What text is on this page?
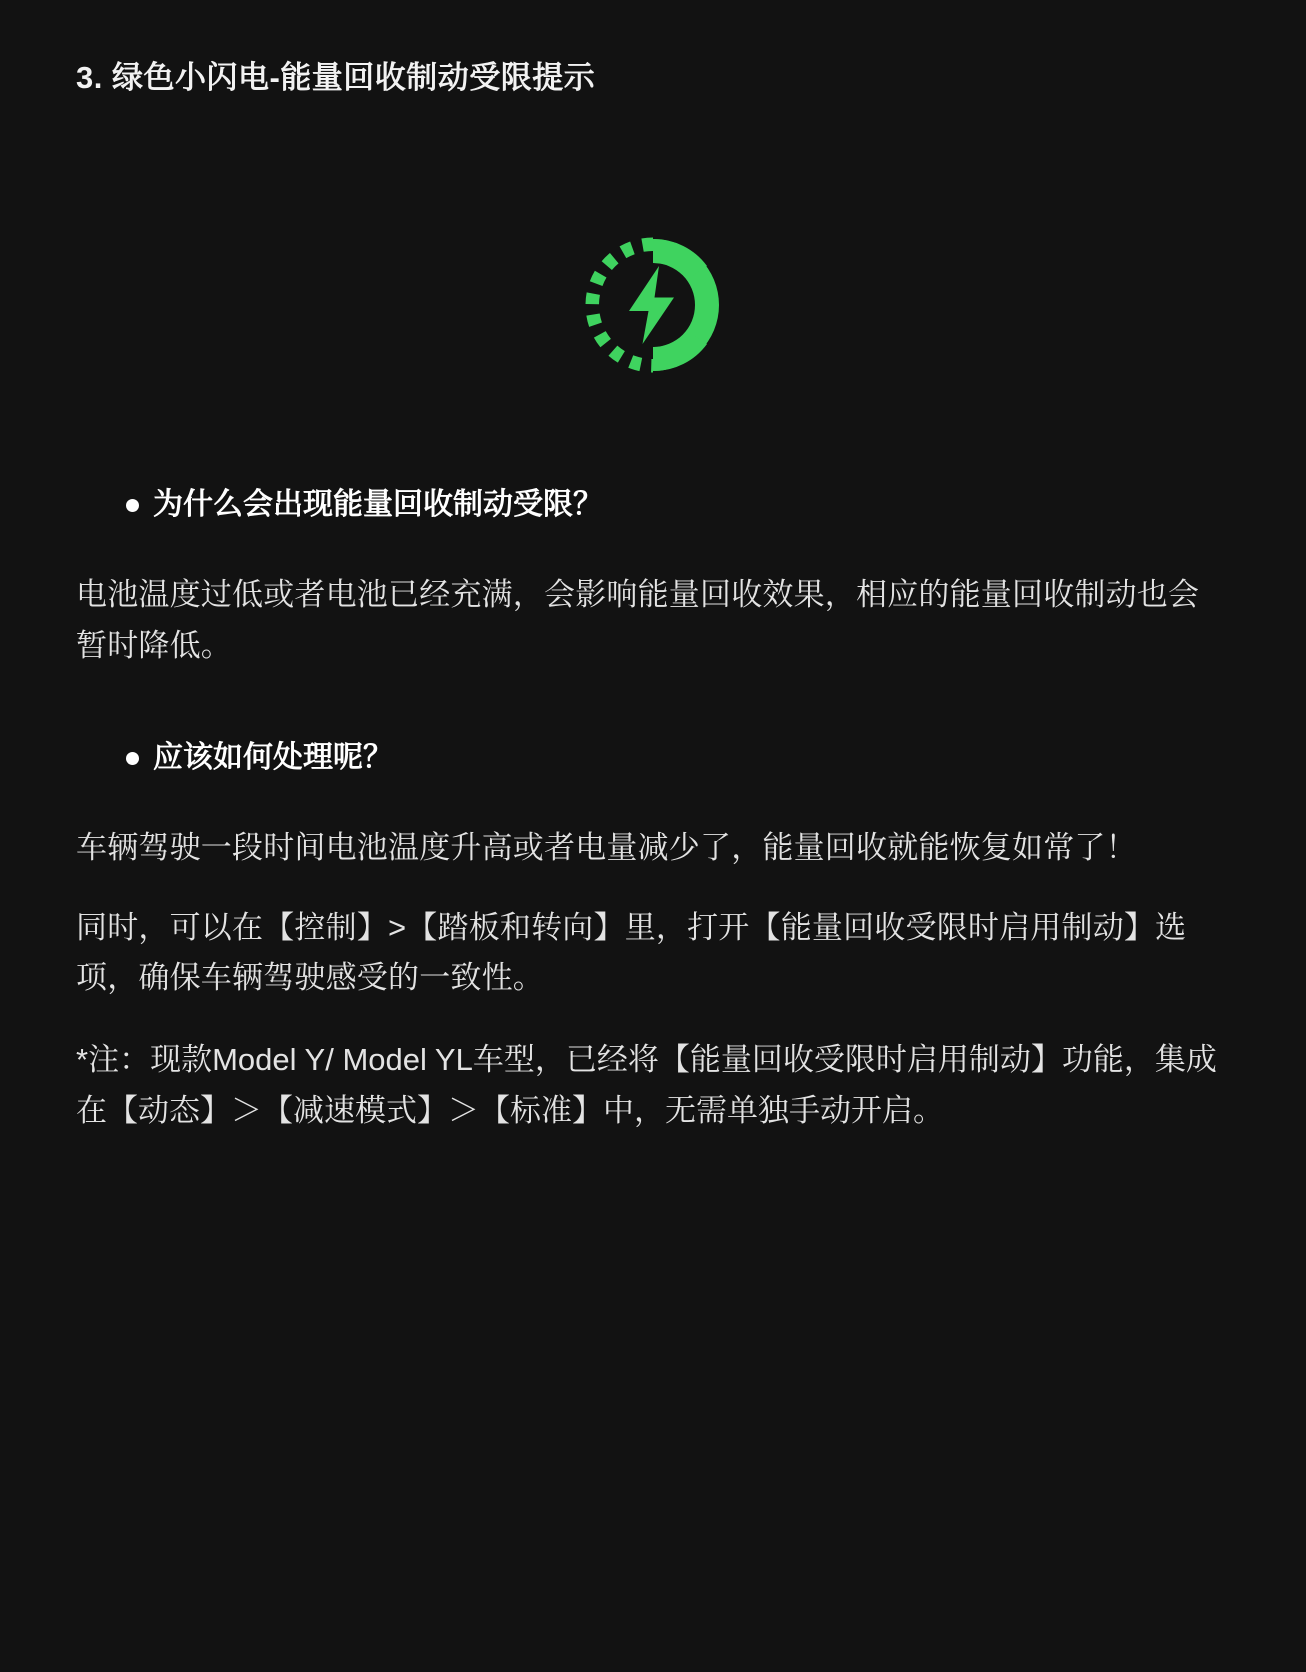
3. 绿色小闪电-能量回收制动受限提示
为什么会出现能量回收制动受限？
电池温度过低或者电池已经充满，会影响能量回收效果，相应的能量回收制动也会暂时降低。
应该如何处理呢？
车辆驾驶一段时间电池温度升高或者电量减少了，能量回收就能恢复如常了！
同时，可以在【控制】>【踏板和转向】里，打开【能量回收受限时启用制动】选项，确保车辆驾驶感受的一致性。
*注：现款Model Y/ Model YL车型，已经将【能量回收受限时启用制动】功能，集成在【动态】＞【减速模式】＞【标准】中，无需单独手动开启。
